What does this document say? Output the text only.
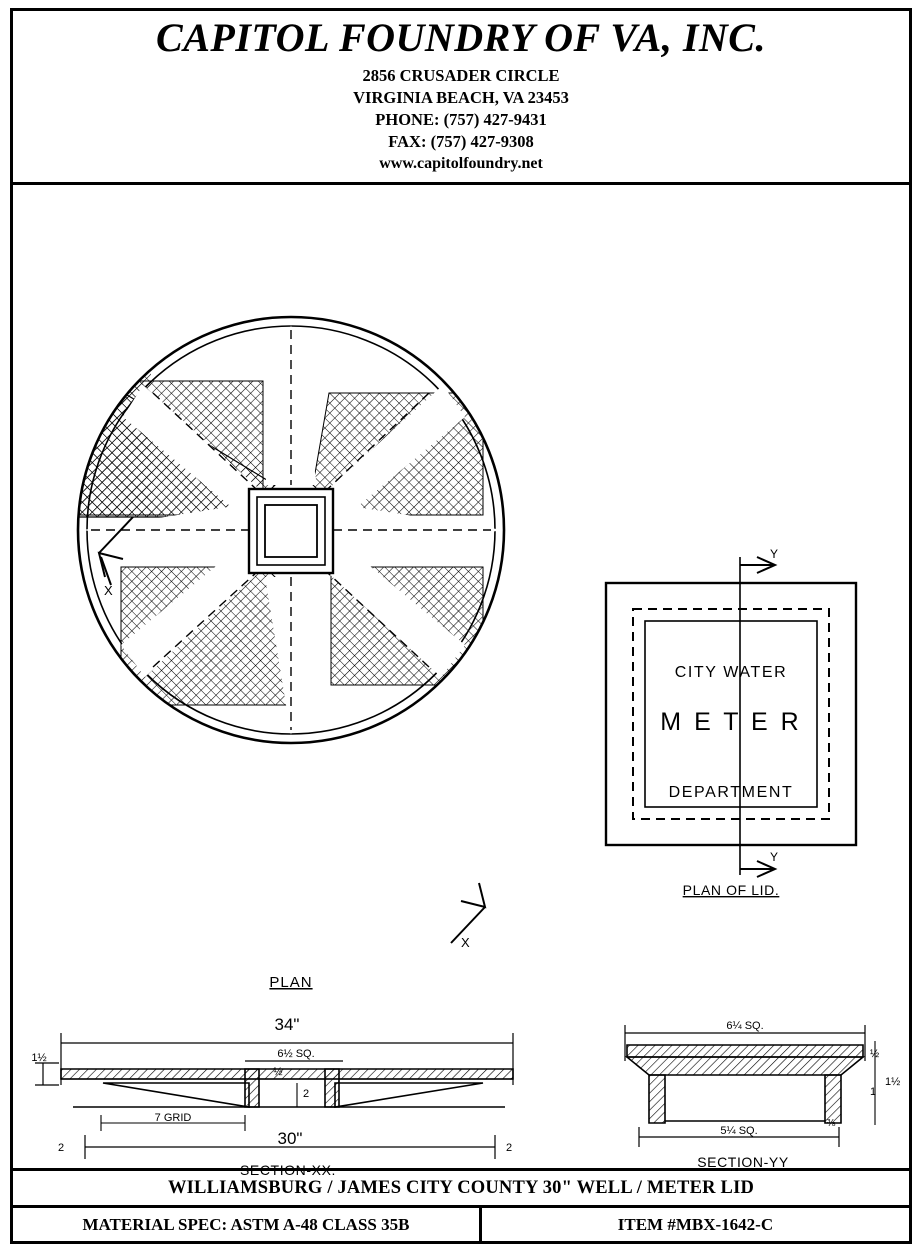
CAPITOL FOUNDRY OF VA, INC.
2856 CRUSADER CIRCLE
VIRGINIA BEACH, VA 23453
PHONE: (757) 427-9431
FAX: (757) 427-9308
www.capitolfoundry.net
X
X
PLAN
CITY WATER
M E T E R
DEPARTMENT
Y
Y
PLAN OF LID.
34"
6½ SQ.
1½
½
2
7 GRID
30"
2	2
SECTION-XX.
6¼ SQ.
½
1
1½
5¼ SQ.
⅜
SECTION-YY
WILLIAMSBURG / JAMES CITY COUNTY 30" WELL / METER LID
MATERIAL SPEC: ASTM A-48 CLASS 35B	ITEM #MBX-1642-C
